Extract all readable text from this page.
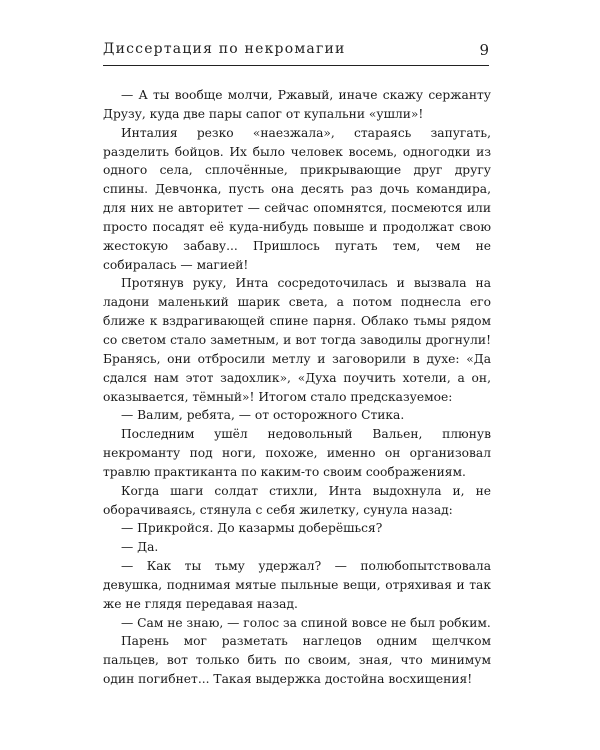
Диссертация по некромагии	9

— А ты вообще молчи, Ржавый, иначе скажу сержанту Друзу, куда две пары сапог от купальни «ушли»!

Инталия резко «наезжала», стараясь запугать, разделить бойцов. Их было человек восемь, одногодки из одного села, сплочённые, прикрывающие друг другу спины. Девчонка, пусть она десять раз дочь командира, для них не авторитет — сейчас опомнятся, посмеются или просто посадят её куда-нибудь повыше и продолжат свою жестокую забаву... Пришлось пугать тем, чем не собиралась — магией!

Протянув руку, Инта сосредоточилась и вызвала на ладони маленький шарик света, а потом поднесла его ближе к вздрагивающей спине парня. Облако тьмы рядом со светом стало заметным, и вот тогда заводилы дрогнули! Бранясь, они отбросили метлу и заговорили в духе: «Да сдался нам этот задохлик», «Духа поучить хотели, а он, оказывается, тёмный»! Итогом стало предсказуемое:

— Валим, ребята, — от осторожного Стика.

Последним ушёл недовольный Вальен, плюнув некроманту под ноги, похоже, именно он организовал травлю практиканта по каким-то своим соображениям.

Когда шаги солдат стихли, Инта выдохнула и, не оборачиваясь, стянула с себя жилетку, сунула назад:

— Прикройся. До казармы доберёшься?

— Да.

— Как ты тьму удержал? — полюбопытствовала девушка, поднимая мятые пыльные вещи, отряхивая и так же не глядя передавая назад.

— Сам не знаю, — голос за спиной вовсе не был робким.

Парень мог разметать наглецов одним щелчком пальцев, вот только бить по своим, зная, что минимум один погибнет... Такая выдержка достойна восхищения!
